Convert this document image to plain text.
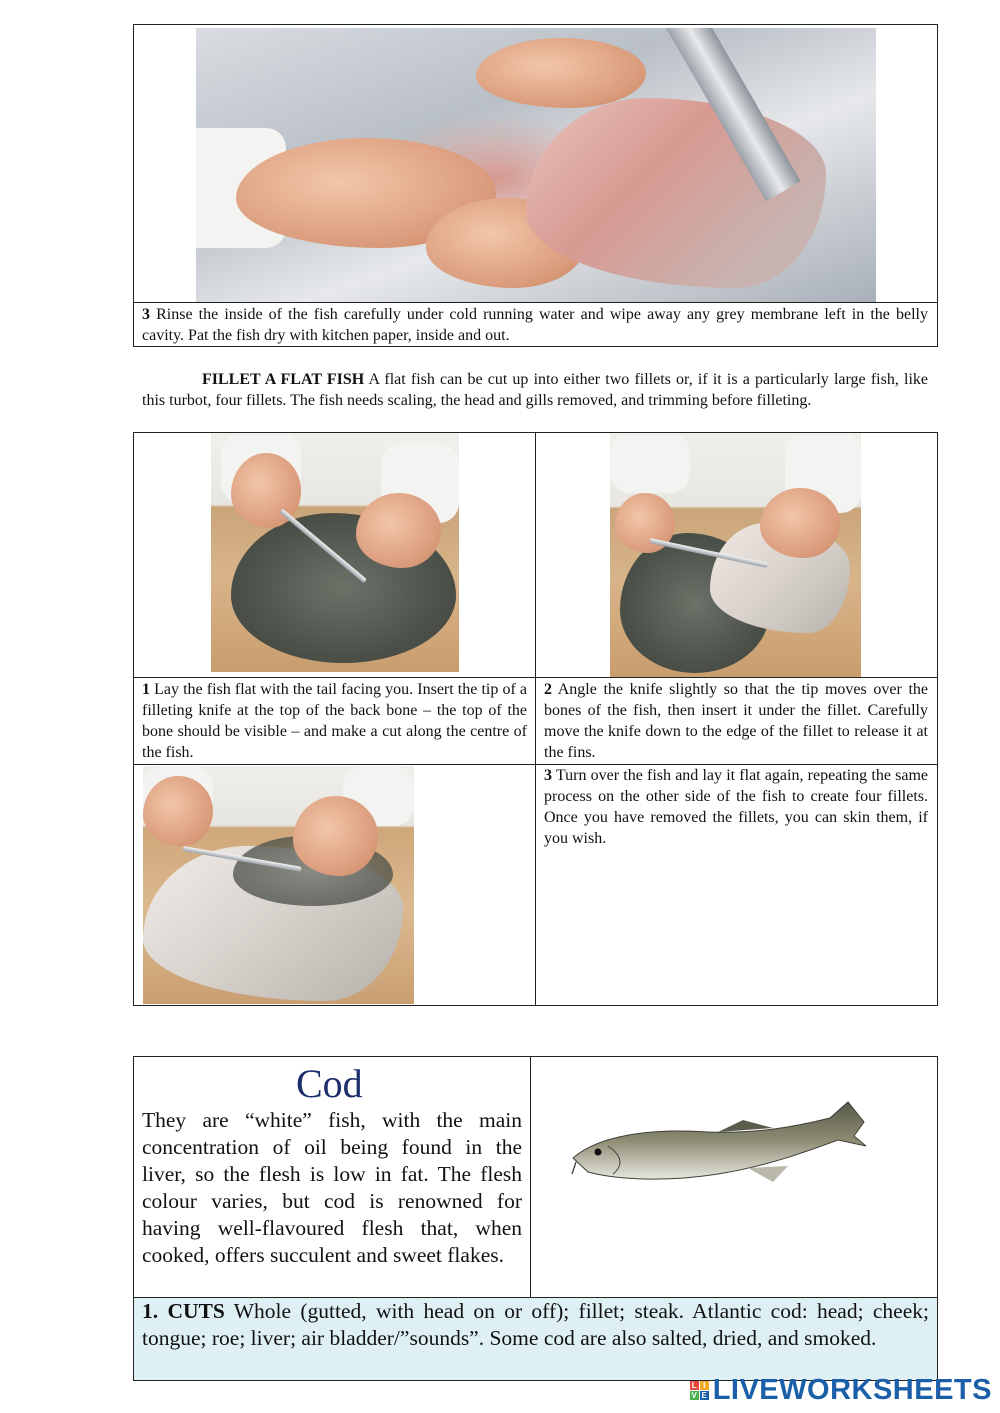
3 Rinse the inside of the fish carefully under cold running water and wipe away any grey membrane left in the belly cavity. Pat the fish dry with kitchen paper, inside and out.
FILLET A FLAT FISH A flat fish can be cut up into either two fillets or, if it is a particularly large fish, like this turbot, four fillets. The fish needs scaling, the head and gills removed, and trimming before filleting.
1 Lay the fish flat with the tail facing you. Insert the tip of a filleting knife at the top of the back bone – the top of the bone should be visible – and make a cut along the centre of the fish.
2 Angle the knife slightly so that the tip moves over the bones of the fish, then insert it under the fillet. Carefully move the knife down to the edge of the fillet to release it at the fins.
3 Turn over the fish and lay it flat again, repeating the same process on the other side of the fish to create four fillets. Once you have removed the fillets, you can skin them, if you wish.
Cod
They are “white” fish, with the main concentration of oil being found in the liver, so the flesh is low in fat. The flesh colour varies, but cod is renowned for having well-flavoured flesh that, when cooked, offers succulent and sweet flakes.
1. CUTS Whole (gutted, with head on or off); fillet; steak. Atlantic cod: head; cheek; tongue; roe; liver; air bladder/”sounds”. Some cod are also salted, dried, and smoked.
L I
V E LIVEWORKSHEETS
